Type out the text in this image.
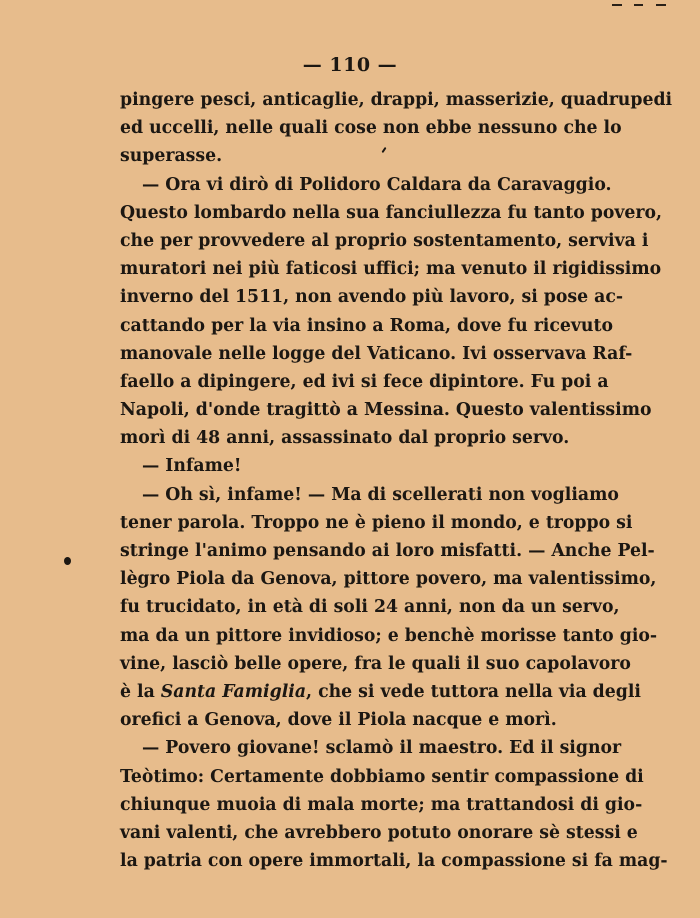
— 110 —
pingere pesci, anticaglie, drappi, masserizie, quadrupedi
ed uccelli, nelle quali cose non ebbe nessuno che lo
superasse.
— Ora vi dirò di Polidoro Caldara da Caravaggio.
Questo lombardo nella sua fanciullezza fu tanto povero,
che per provvedere al proprio sostentamento, serviva i
muratori nei più faticosi uffici; ma venuto il rigidissimo
inverno del 1511, non avendo più lavoro, si pose ac-
cattando per la via insino a Roma, dove fu ricevuto
manovale nelle logge del Vaticano. Ivi osservava Raf-
faello a dipingere, ed ivi si fece dipintore. Fu poi a
Napoli, d'onde tragittò a Messina. Questo valentissimo
morì di 48 anni, assassinato dal proprio servo.
— Infame!
— Oh sì, infame! — Ma di scellerati non vogliamo
tener parola. Troppo ne è pieno il mondo, e troppo si
stringe l'animo pensando ai loro misfatti. — Anche Pel-
lègro Piola da Genova, pittore povero, ma valentissimo,
fu trucidato, in età di soli 24 anni, non da un servo,
ma da un pittore invidioso; e benchè morisse tanto gio-
vine, lasciò belle opere, fra le quali il suo capolavoro
è la Santa Famiglia, che si vede tuttora nella via degli
orefici a Genova, dove il Piola nacque e morì.
— Povero giovane! sclamò il maestro. Ed il signor
Teòtimo: Certamente dobbiamo sentir compassione di
chiunque muoia di mala morte; ma trattandosi di gio-
vani valenti, che avrebbero potuto onorare sè stessi e
la patria con opere immortali, la compassione si fa mag-
